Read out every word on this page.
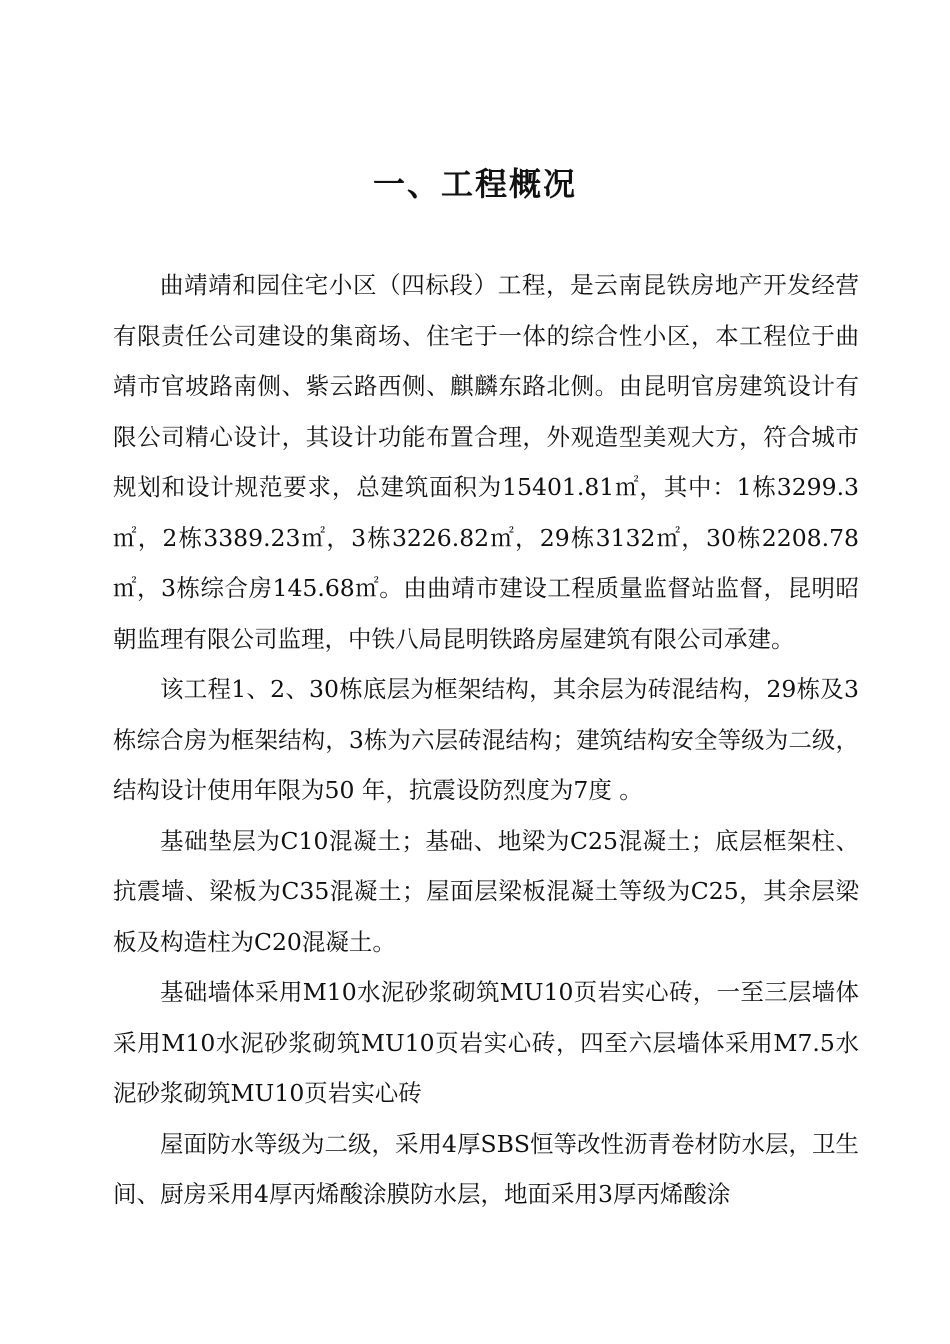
一、工程概况

曲靖靖和园住宅小区（四标段）工程，是云南昆铁房地产开发经营有限责任公司建设的集商场、住宅于一体的综合性小区，本工程位于曲靖市官坡路南侧、紫云路西侧、麒麟东路北侧。由昆明官房建筑设计有限公司精心设计，其设计功能布置合理，外观造型美观大方，符合城市规划和设计规范要求，总建筑面积为15401.81㎡，其中：1栋3299.3㎡，2栋3389.23㎡，3栋3226.82㎡，29栋3132㎡，30栋2208.78㎡，3栋综合房145.68㎡。由曲靖市建设工程质量监督站监督，昆明昭朝监理有限公司监理，中铁八局昆明铁路房屋建筑有限公司承建。

该工程1、2、30栋底层为框架结构，其余层为砖混结构，29栋及3栋综合房为框架结构，3栋为六层砖混结构；建筑结构安全等级为二级，结构设计使用年限为50 年，抗震设防烈度为7度 。

基础垫层为C10混凝土；基础、地梁为C25混凝土；底层框架柱、抗震墙、梁板为C35混凝土；屋面层梁板混凝土等级为C25，其余层梁板及构造柱为C20混凝土。

基础墙体采用M10水泥砂浆砌筑MU10页岩实心砖，一至三层墙体采用M10水泥砂浆砌筑MU10页岩实心砖，四至六层墙体采用M7.5水泥砂浆砌筑MU10页岩实心砖

屋面防水等级为二级，采用4厚SBS恒等改性沥青卷材防水层，卫生间、厨房采用4厚丙烯酸涂膜防水层，地面采用3厚丙烯酸涂
